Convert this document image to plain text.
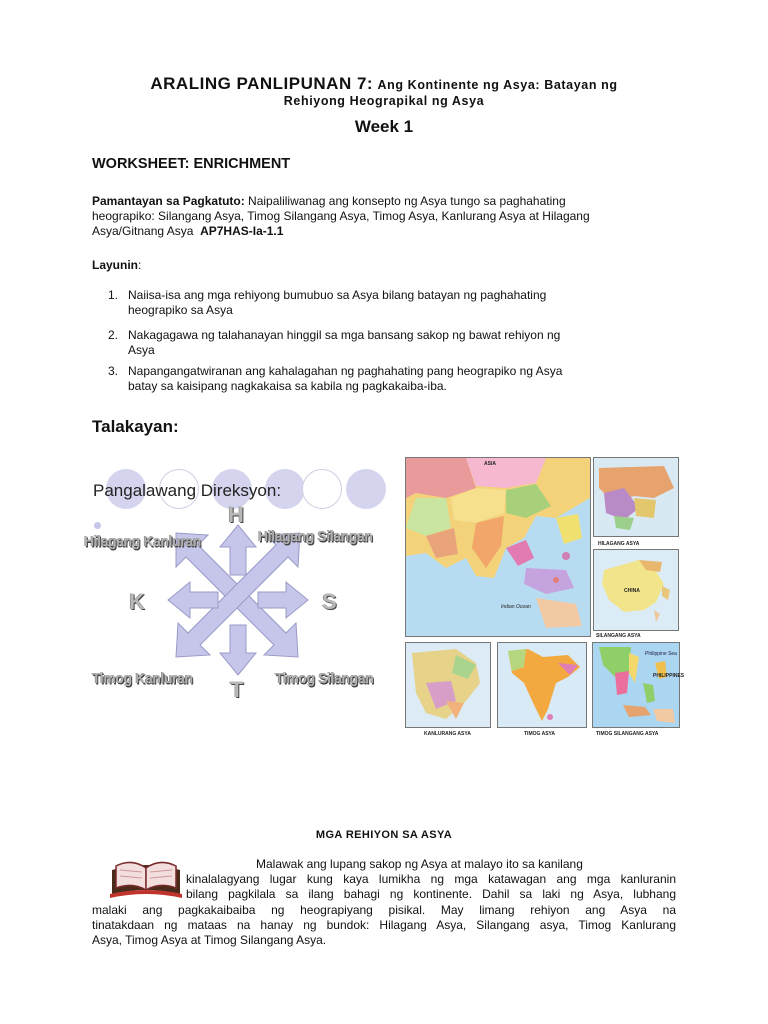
ARALING PANLIPUNAN 7: Ang Kontinente ng Asya: Batayan ng
Rehiyong Heograpikal ng Asya
Week 1
WORKSHEET: ENRICHMENT
Pamantayan sa Pagkatuto: Naipaliliwanag ang konsepto ng Asya tungo sa paghahating
heograpiko: Silangang Asya, Timog Silangang Asya, Timog Asya, Kanlurang Asya at Hilagang
Asya/Gitnang Asya AP7HAS-Ia-1.1
Layunin:
1. Naiisa-isa ang mga rehiyong bumubuo sa Asya bilang batayan ng paghahating
heograpiko sa Asya
2. Nakagagawa ng talahanayan hinggil sa mga bansang sakop ng bawat rehiyon ng
Asya
3. Napangangatwiranan ang kahalagahan ng paghahating pang heograpiko ng Asya
batay sa kaisipang nagkakaisa sa kabila ng pagkakaiba-iba.
Talakayan:
Pangalawang Direksyon:
H
K	S
T
Hilagang Kanluran	Hilagang Silangan
Timog Kanluran	Timog Silangan
ASIA
Indian Ocean
HILAGANG ASYA
CHINA
SILANGANG ASYA
KANLURANG ASYA	TIMOG ASYA
Philippine Sea
PHILIPPINES
TIMOG SILANGANG ASYA
MGA REHIYON SA ASYA
Malawak ang lupang sakop ng Asya at malayo ito sa kanilang
kinalalagyang lugar kung kaya lumikha ng mga katawagan ang mga kanluranin
bilang pagkilala sa ilang bahagi ng kontinente. Dahil sa laki ng Asya, lubhang
malaki ang pagkakaibaiba ng heograpiyang pisikal. May limang rehiyon ang Asya na
tinatakdaan ng mataas na hanay ng bundok: Hilagang Asya, Silangang asya, Timog Kanlurang
Asya, Timog Asya at Timog Silangang Asya.
